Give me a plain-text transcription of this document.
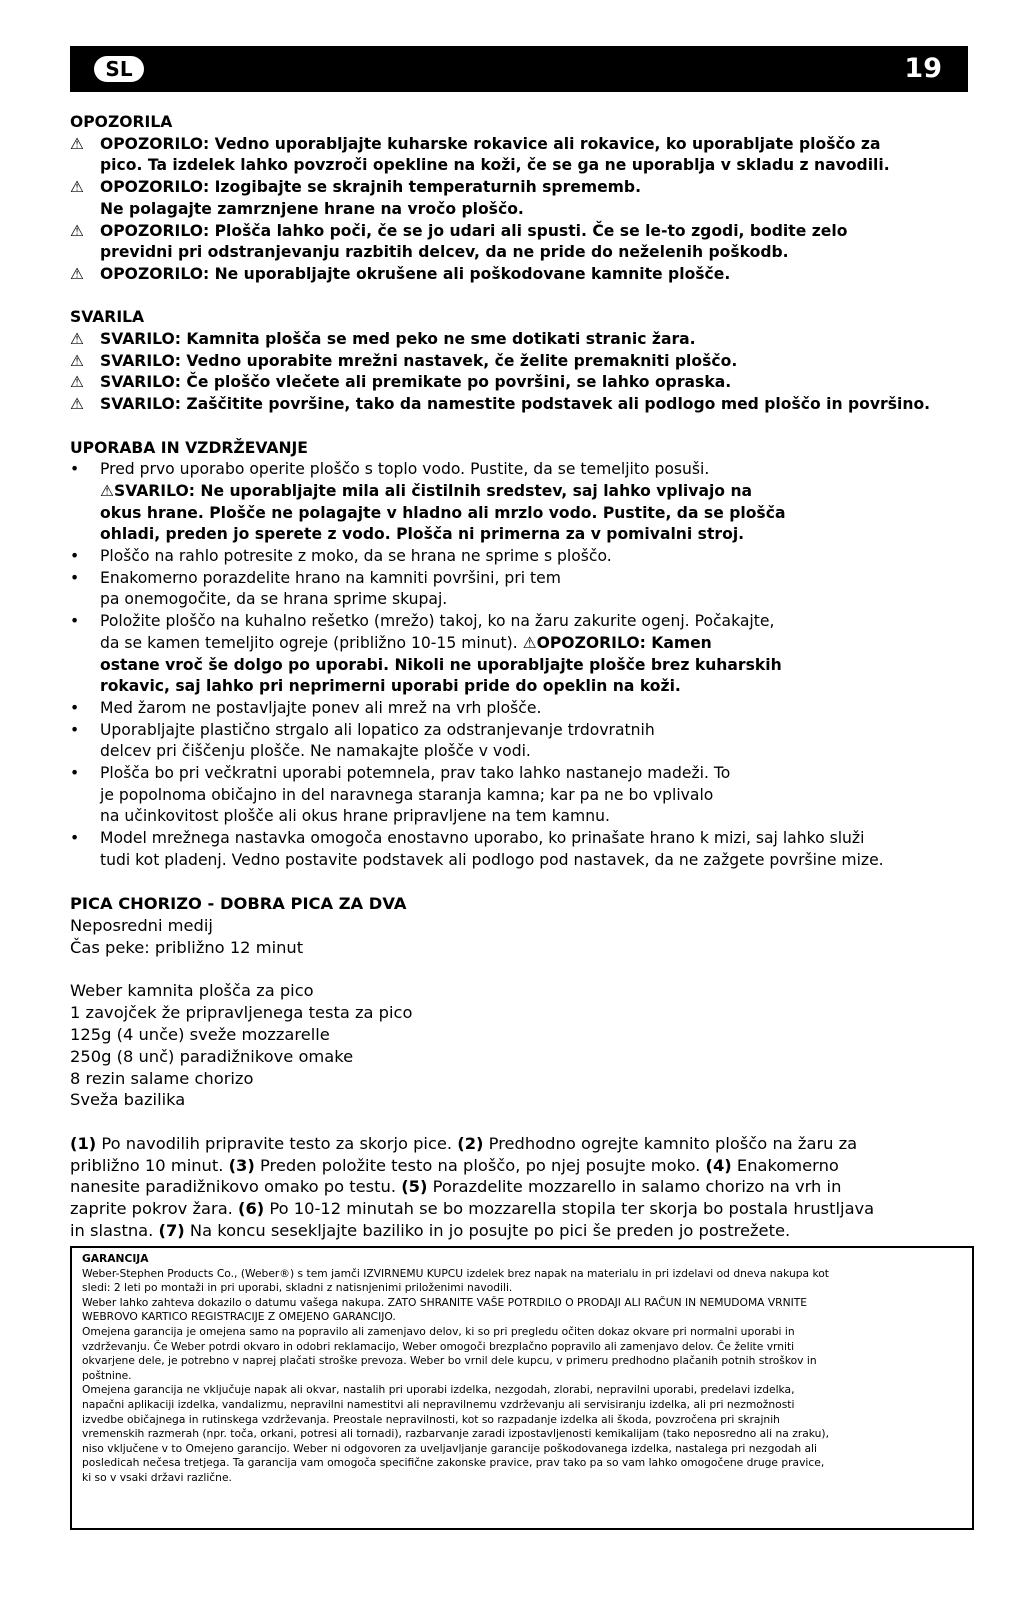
SL	19
OPOZORILA
⚠	OPOZORILO: Vedno uporabljajte kuharske rokavice ali rokavice, ko uporabljate ploščo za
pico. Ta izdelek lahko povzroči opekline na koži, če se ga ne uporablja v skladu z navodili.
⚠	OPOZORILO: Izogibajte se skrajnih temperaturnih sprememb.
Ne polagajte zamrznjene hrane na vročo ploščo.
⚠	OPOZORILO: Plošča lahko poči, če se jo udari ali spusti. Če se le-to zgodi, bodite zelo
previdni pri odstranjevanju razbitih delcev, da ne pride do neželenih poškodb.
⚠	OPOZORILO: Ne uporabljajte okrušene ali poškodovane kamnite plošče.
SVARILA
⚠	SVARILO: Kamnita plošča se med peko ne sme dotikati stranic žara.
⚠	SVARILO: Vedno uporabite mrežni nastavek, če želite premakniti ploščo.
⚠	SVARILO: Če ploščo vlečete ali premikate po površini, se lahko opraska.
⚠	SVARILO: Zaščitite površine, tako da namestite podstavek ali podlogo med ploščo in površino.
UPORABA IN VZDRŽEVANJE
•	Pred prvo uporabo operite ploščo s toplo vodo. Pustite, da se temeljito posuši.
⚠SVARILO: Ne uporabljajte mila ali čistilnih sredstev, saj lahko vplivajo na
okus hrane. Plošče ne polagajte v hladno ali mrzlo vodo. Pustite, da se plošča
ohladi, preden jo sperete z vodo. Plošča ni primerna za v pomivalni stroj.
•	Ploščo na rahlo potresite z moko, da se hrana ne sprime s ploščo.
•	Enakomerno porazdelite hrano na kamniti površini, pri tem
pa onemogočite, da se hrana sprime skupaj.
•	Položite ploščo na kuhalno rešetko (mrežo) takoj, ko na žaru zakurite ogenj. Počakajte,
da se kamen temeljito ogreje (približno 10-15 minut). ⚠OPOZORILO: Kamen
ostane vroč še dolgo po uporabi. Nikoli ne uporabljajte plošče brez kuharskih
rokavic, saj lahko pri neprimerni uporabi pride do opeklin na koži.
•	Med žarom ne postavljajte ponev ali mrež na vrh plošče.
•	Uporabljajte plastično strgalo ali lopatico za odstranjevanje trdovratnih
delcev pri čiščenju plošče. Ne namakajte plošče v vodi.
•	Plošča bo pri večkratni uporabi potemnela, prav tako lahko nastanejo madeži. To
je popolnoma običajno in del naravnega staranja kamna; kar pa ne bo vplivalo
na učinkovitost plošče ali okus hrane pripravljene na tem kamnu.
•	Model mrežnega nastavka omogoča enostavno uporabo, ko prinašate hrano k mizi, saj lahko služi
tudi kot pladenj. Vedno postavite podstavek ali podlogo pod nastavek, da ne zažgete površine mize.
PICA CHORIZO - DOBRA PICA ZA DVA
Neposredni medij
Čas peke: približno 12 minut
Weber kamnita plošča za pico
1 zavojček že pripravljenega testa za pico
125g (4 unče) sveže mozzarelle
250g (8 unč) paradižnikove omake
8 rezin salame chorizo
Sveža bazilika
(1) Po navodilih pripravite testo za skorjo pice. (2) Predhodno ogrejte kamnito ploščo na žaru za
približno 10 minut. (3) Preden položite testo na ploščo, po njej posujte moko. (4) Enakomerno
nanesite paradižnikovo omako po testu. (5) Porazdelite mozzarello in salamo chorizo na vrh in
zaprite pokrov žara. (6) Po 10-12 minutah se bo mozzarella stopila ter skorja bo postala hrustljava
in slastna. (7) Na koncu sesekljajte baziliko in jo posujte po pici še preden jo postrežete.
GARANCIJA
Weber-Stephen Products Co., (Weber®) s tem jamči IZVIRNEMU KUPCU izdelek brez napak na materialu in pri izdelavi od dneva nakupa kot
sledi: 2 leti po montaži in pri uporabi, skladni z natisnjenimi priloženimi navodili.
Weber lahko zahteva dokazilo o datumu vašega nakupa. ZATO SHRANITE VAŠE POTRDILO O PRODAJI ALI RAČUN IN NEMUDOMA VRNITE
WEBROVO KARTICO REGISTRACIJE Z OMEJENO GARANCIJO.
Omejena garancija je omejena samo na popravilo ali zamenjavo delov, ki so pri pregledu očiten dokaz okvare pri normalni uporabi in
vzdrževanju. Če Weber potrdi okvaro in odobri reklamacijo, Weber omogoči brezplačno popravilo ali zamenjavo delov. Če želite vrniti
okvarjene dele, je potrebno v naprej plačati stroške prevoza. Weber bo vrnil dele kupcu, v primeru predhodno plačanih potnih stroškov in
poštnine.
Omejena garancija ne vključuje napak ali okvar, nastalih pri uporabi izdelka, nezgodah, zlorabi, nepravilni uporabi, predelavi izdelka,
napačni aplikaciji izdelka, vandalizmu, nepravilni namestitvi ali nepravilnemu vzdrževanju ali servisiranju izdelka, ali pri nezmožnosti
izvedbe običajnega in rutinskega vzdrževanja. Preostale nepravilnosti, kot so razpadanje izdelka ali škoda, povzročena pri skrajnih
vremenskih razmerah (npr. toča, orkani, potresi ali tornadi), razbarvanje zaradi izpostavljenosti kemikalijam (tako neposredno ali na zraku),
niso vključene v to Omejeno garancijo. Weber ni odgovoren za uveljavljanje garancije poškodovanega izdelka, nastalega pri nezgodah ali
posledicah nečesa tretjega. Ta garancija vam omogoča specifične zakonske pravice, prav tako pa so vam lahko omogočene druge pravice,
ki so v vsaki državi različne.
